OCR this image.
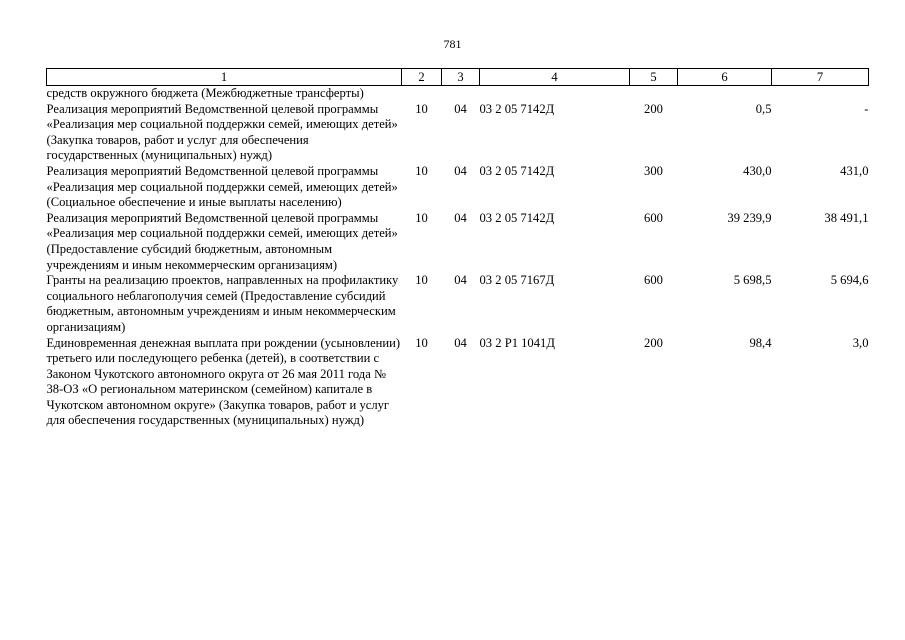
781
1	2	3	4	5	6	7
средств окружного бюджета (Межбюджетные трансферты)						
Реализация мероприятий Ведомственной целевой программы «Реализация мер социальной поддержки семей, имеющих детей» (Закупка товаров, работ и услуг для обеспечения государственных (муниципальных) нужд)	10	04	03 2 05 7142Д	200	0,5	-
Реализация мероприятий Ведомственной целевой программы «Реализация мер социальной поддержки семей, имеющих детей» (Социальное обеспечение и иные выплаты населению)	10	04	03 2 05 7142Д	300	430,0	431,0
Реализация мероприятий Ведомственной целевой программы «Реализация мер социальной поддержки семей, имеющих детей» (Предоставление субсидий бюджетным, автономным учреждениям и иным некоммерческим организациям)	10	04	03 2 05 7142Д	600	39 239,9	38 491,1
Гранты на реализацию проектов, направленных на профилактику социального неблагополучия семей (Предоставление субсидий бюджетным, автономным учреждениям и иным некоммерческим организациям)	10	04	03 2 05 7167Д	600	5 698,5	5 694,6
Единовременная денежная выплата при рождении (усыновлении) третьего или последующего ребенка (детей), в соответствии с Законом Чукотского автономного округа от 26 мая 2011 года № 38-ОЗ «О региональном материнском (семейном) капитале в Чукотском автономном округе» (Закупка товаров, работ и услуг для обеспечения государственных (муниципальных) нужд)	10	04	03 2 P1 1041Д	200	98,4	3,0
